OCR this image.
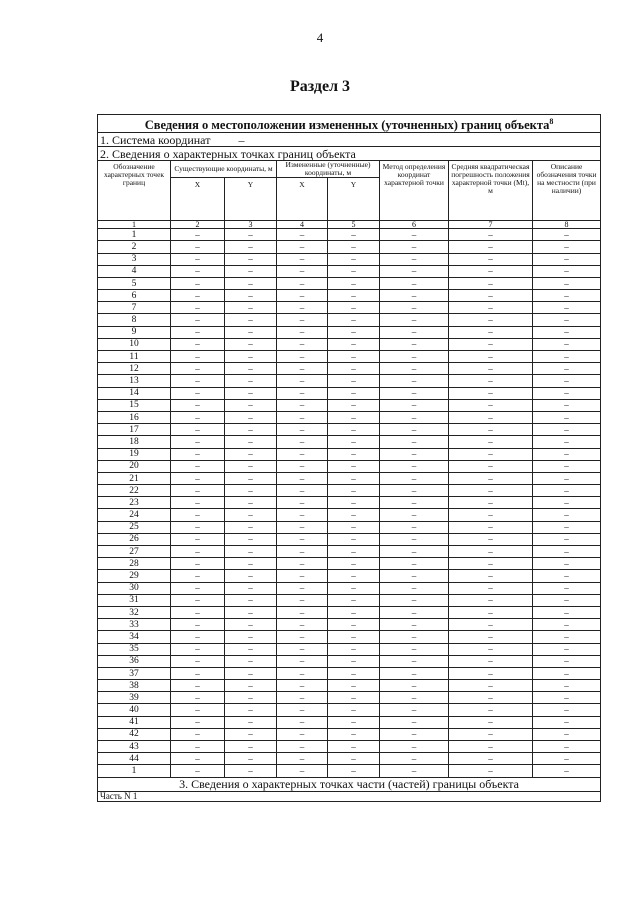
4
Раздел 3
Сведения о местоположении измененных (уточненных) границ объекта$^8$
1. Система координат –							
2. Сведения о характерных точках границ объекта							
Обозначение характерных точек границ	Существующие координаты, м		Измененные (уточненные) координаты, м		Метод определения координат характерной точки	Средняя квадратическая погрешность положения характерной точки (Mt), м	Описание обозначения точки на местности (при наличии)
	X	Y	X	Y			
1	2	3	4	5	6	7	8
1	–	–	–	–	–	–	–
2	–	–	–	–	–	–	–
3	–	–	–	–	–	–	–
4	–	–	–	–	–	–	–
5	–	–	–	–	–	–	–
6	–	–	–	–	–	–	–
7	–	–	–	–	–	–	–
8	–	–	–	–	–	–	–
9	–	–	–	–	–	–	–
10	–	–	–	–	–	–	–
11	–	–	–	–	–	–	–
12	–	–	–	–	–	–	–
13	–	–	–	–	–	–	–
14	–	–	–	–	–	–	–
15	–	–	–	–	–	–	–
16	–	–	–	–	–	–	–
17	–	–	–	–	–	–	–
18	–	–	–	–	–	–	–
19	–	–	–	–	–	–	–
20	–	–	–	–	–	–	–
21	–	–	–	–	–	–	–
22	–	–	–	–	–	–	–
23	–	–	–	–	–	–	–
24	–	–	–	–	–	–	–
25	–	–	–	–	–	–	–
26	–	–	–	–	–	–	–
27	–	–	–	–	–	–	–
28	–	–	–	–	–	–	–
29	–	–	–	–	–	–	–
30	–	–	–	–	–	–	–
31	–	–	–	–	–	–	–
32	–	–	–	–	–	–	–
33	–	–	–	–	–	–	–
34	–	–	–	–	–	–	–
35	–	–	–	–	–	–	–
36	–	–	–	–	–	–	–
37	–	–	–	–	–	–	–
38	–	–	–	–	–	–	–
39	–	–	–	–	–	–	–
40	–	–	–	–	–	–	–
41	–	–	–	–	–	–	–
42	–	–	–	–	–	–	–
43	–	–	–	–	–	–	–
44	–	–	–	–	–	–	–
1	–	–	–	–	–	–	–
3. Сведения о характерных точках части (частей) границы объекта							
Часть N 1							
